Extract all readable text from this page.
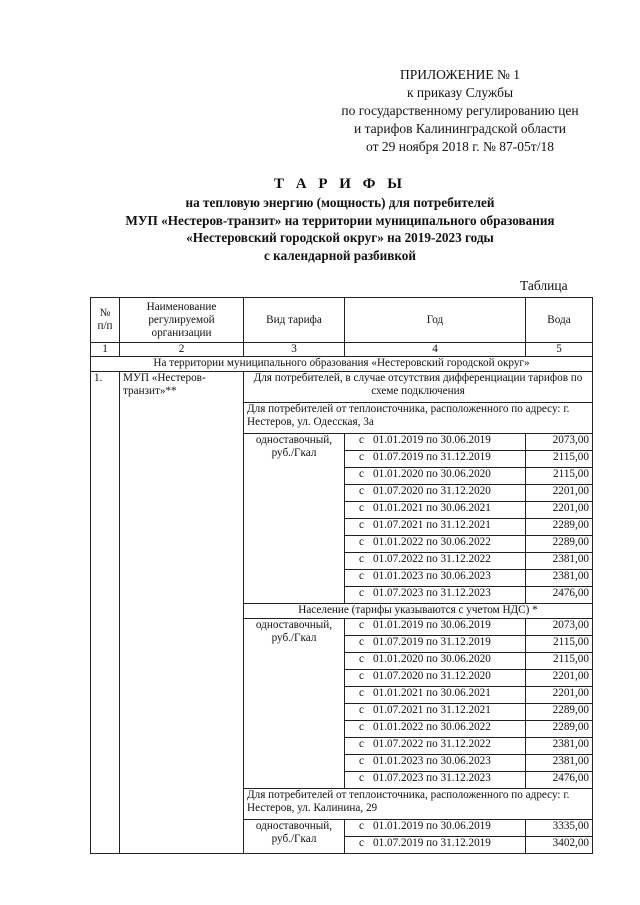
ПРИЛОЖЕНИЕ № 1
к приказу Службы
по государственному регулированию цен
и тарифов Калининградской области
от 29 ноября 2018 г. № 87-05т/18
Т А Р И Ф Ы
на тепловую энергию (мощность) для потребителей
МУП «Нестеров-транзит» на территории муниципального образования
«Нестеровский городской округ» на 2019-2023 годы
с календарной разбивкой
Таблица
№ п/п	Наименование регулируемой организации	Вид тарифа	Год	Вода
1	2	3	4	5
На территории муниципального образования «Нестеровский городской округ»				
1.	МУП «Нестеров-транзит»**	Для потребителей, в случае отсутствия дифференциации тарифов по схеме подключения		
		Для потребителей от теплоисточника, расположенного по адресу: г. Нестеров, ул. Одесская, 3а		
		одноставочный, руб./Гкал	с 01.01.2019 по 30.06.2019	2073,00
			с 01.07.2019 по 31.12.2019	2115,00
			с 01.01.2020 по 30.06.2020	2115,00
			с 01.07.2020 по 31.12.2020	2201,00
			с 01.01.2021 по 30.06.2021	2201,00
			с 01.07.2021 по 31.12.2021	2289,00
			с 01.01.2022 по 30.06.2022	2289,00
			с 01.07.2022 по 31.12.2022	2381,00
			с 01.01.2023 по 30.06.2023	2381,00
			с 01.07.2023 по 31.12.2023	2476,00
		Население (тарифы указываются с учетом НДС) *		
		одноставочный, руб./Гкал	с 01.01.2019 по 30.06.2019	2073,00
			с 01.07.2019 по 31.12.2019	2115,00
			с 01.01.2020 по 30.06.2020	2115,00
			с 01.07.2020 по 31.12.2020	2201,00
			с 01.01.2021 по 30.06.2021	2201,00
			с 01.07.2021 по 31.12.2021	2289,00
			с 01.01.2022 по 30.06.2022	2289,00
			с 01.07.2022 по 31.12.2022	2381,00
			с 01.01.2023 по 30.06.2023	2381,00
			с 01.07.2023 по 31.12.2023	2476,00
		Для потребителей от теплоисточника, расположенного по адресу: г. Нестеров, ул. Калинина, 29		
		одноставочный, руб./Гкал	с 01.01.2019 по 30.06.2019	3335,00
			с 01.07.2019 по 31.12.2019	3402,00
